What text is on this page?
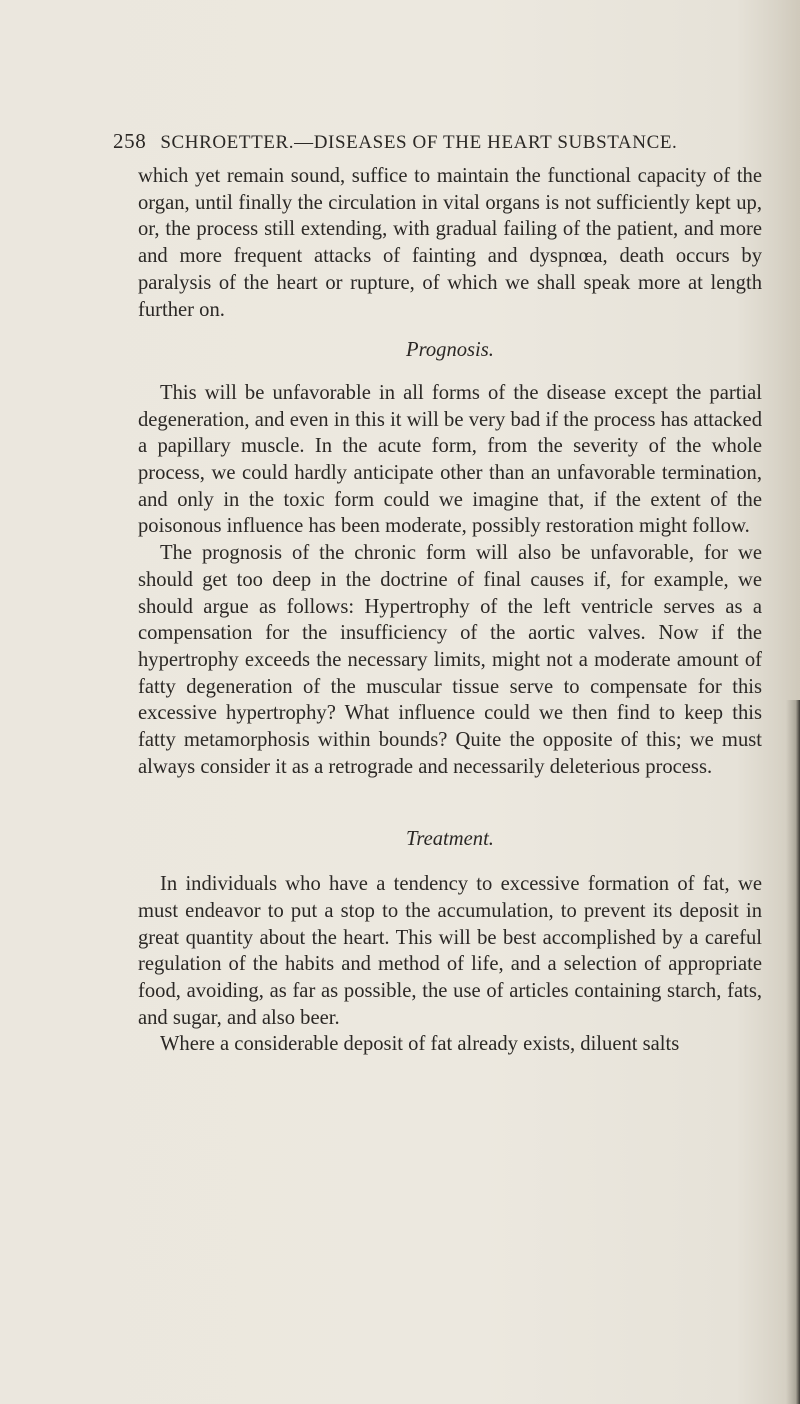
258 SCHROETTER.—DISEASES OF THE HEART SUBSTANCE.

which yet remain sound, suffice to maintain the functional capacity of the organ, until finally the circulation in vital organs is not sufficiently kept up, or, the process still extending, with gradual failing of the patient, and more and more frequent attacks of fainting and dyspnœa, death occurs by paralysis of the heart or rupture, of which we shall speak more at length further on.

Prognosis.

This will be unfavorable in all forms of the disease except the partial degeneration, and even in this it will be very bad if the process has attacked a papillary muscle. In the acute form, from the severity of the whole process, we could hardly anticipate other than an unfavorable termination, and only in the toxic form could we imagine that, if the extent of the poisonous influence has been moderate, possibly restoration might follow.

The prognosis of the chronic form will also be unfavorable, for we should get too deep in the doctrine of final causes if, for example, we should argue as follows: Hypertrophy of the left ventricle serves as a compensation for the insufficiency of the aortic valves. Now if the hypertrophy exceeds the necessary limits, might not a moderate amount of fatty degeneration of the muscular tissue serve to compensate for this excessive hypertrophy? What influence could we then find to keep this fatty metamorphosis within bounds? Quite the opposite of this; we must always consider it as a retrograde and necessarily deleterious process.

Treatment.

In individuals who have a tendency to excessive formation of fat, we must endeavor to put a stop to the accumulation, to prevent its deposit in great quantity about the heart. This will be best accomplished by a careful regulation of the habits and method of life, and a selection of appropriate food, avoiding, as far as possible, the use of articles containing starch, fats, and sugar, and also beer.

Where a considerable deposit of fat already exists, diluent salts
